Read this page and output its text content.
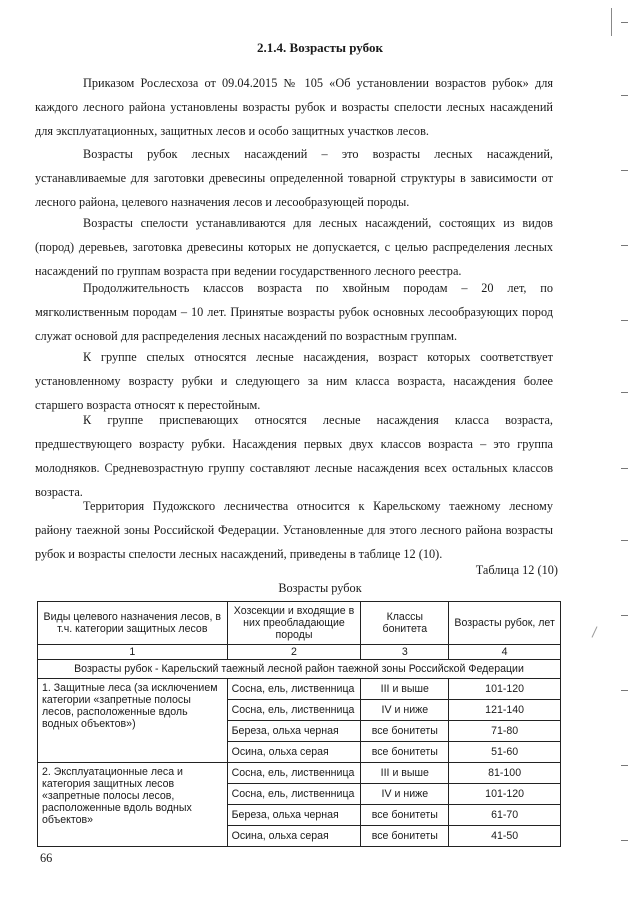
2.1.4. Возрасты рубок

Приказом Рослесхоза от 09.04.2015 № 105 «Об установлении возрастов рубок» для каждого лесного района установлены возрасты рубок и возрасты спелости лесных насаждений для эксплуатационных, защитных лесов и особо защитных участков лесов.

Возрасты рубок лесных насаждений – это возрасты лесных насаждений, устанавливаемые для заготовки древесины определенной товарной структуры в зависимости от лесного района, целевого назначения лесов и лесообразующей породы.

Возрасты спелости устанавливаются для лесных насаждений, состоящих из видов (пород) деревьев, заготовка древесины которых не допускается, с целью распределения лесных насаждений по группам возраста при ведении государственного лесного реестра.

Продолжительность классов возраста по хвойным породам – 20 лет, по мягколиственным породам – 10 лет. Принятые возрасты рубок основных лесообразующих пород служат основой для распределения лесных насаждений по возрастным группам.

К группе спелых относятся лесные насаждения, возраст которых соответствует установленному возрасту рубки и следующего за ним класса возраста, насаждения более старшего возраста относят к перестойным.

К группе приспевающих относятся лесные насаждения класса возраста, предшествующего возрасту рубки. Насаждения первых двух классов возраста – это группа молодняков. Средневозрастную группу составляют лесные насаждения всех остальных классов возраста.

Территория Пудожского лесничества относится к Карельскому таежному лесному району таежной зоны Российской Федерации. Установленные для этого лесного района возрасты рубок и возрасты спелости лесных насаждений, приведены в таблице 12 (10).

Таблица 12 (10)
Возрасты рубок
Виды целевого назначения лесов, в т.ч. категории защитных лесов	Хозсекции и входящие в них преобладающие породы	Классы бонитета	Возрасты рубок, лет
1	2	3	4
Возрасты рубок - Карельский таежный лесной район таежной зоны Российской Федерации			
1. Защитные леса (за исключением категории «запретные полосы лесов, расположенные вдоль водных объектов»)	Сосна, ель, лиственница	III и выше	101-120
	Сосна, ель, лиственница	IV и ниже	121-140
	Береза, ольха черная	все бонитеты	71-80
	Осина, ольха серая	все бонитеты	51-60
2. Эксплуатационные леса и категория защитных лесов «запретные полосы лесов, расположенные вдоль водных объектов»	Сосна, ель, лиственница	III и выше	81-100
	Сосна, ель, лиственница	IV и ниже	101-120
	Береза, ольха черная	все бонитеты	61-70
	Осина, ольха серая	все бонитеты	41-50
66
